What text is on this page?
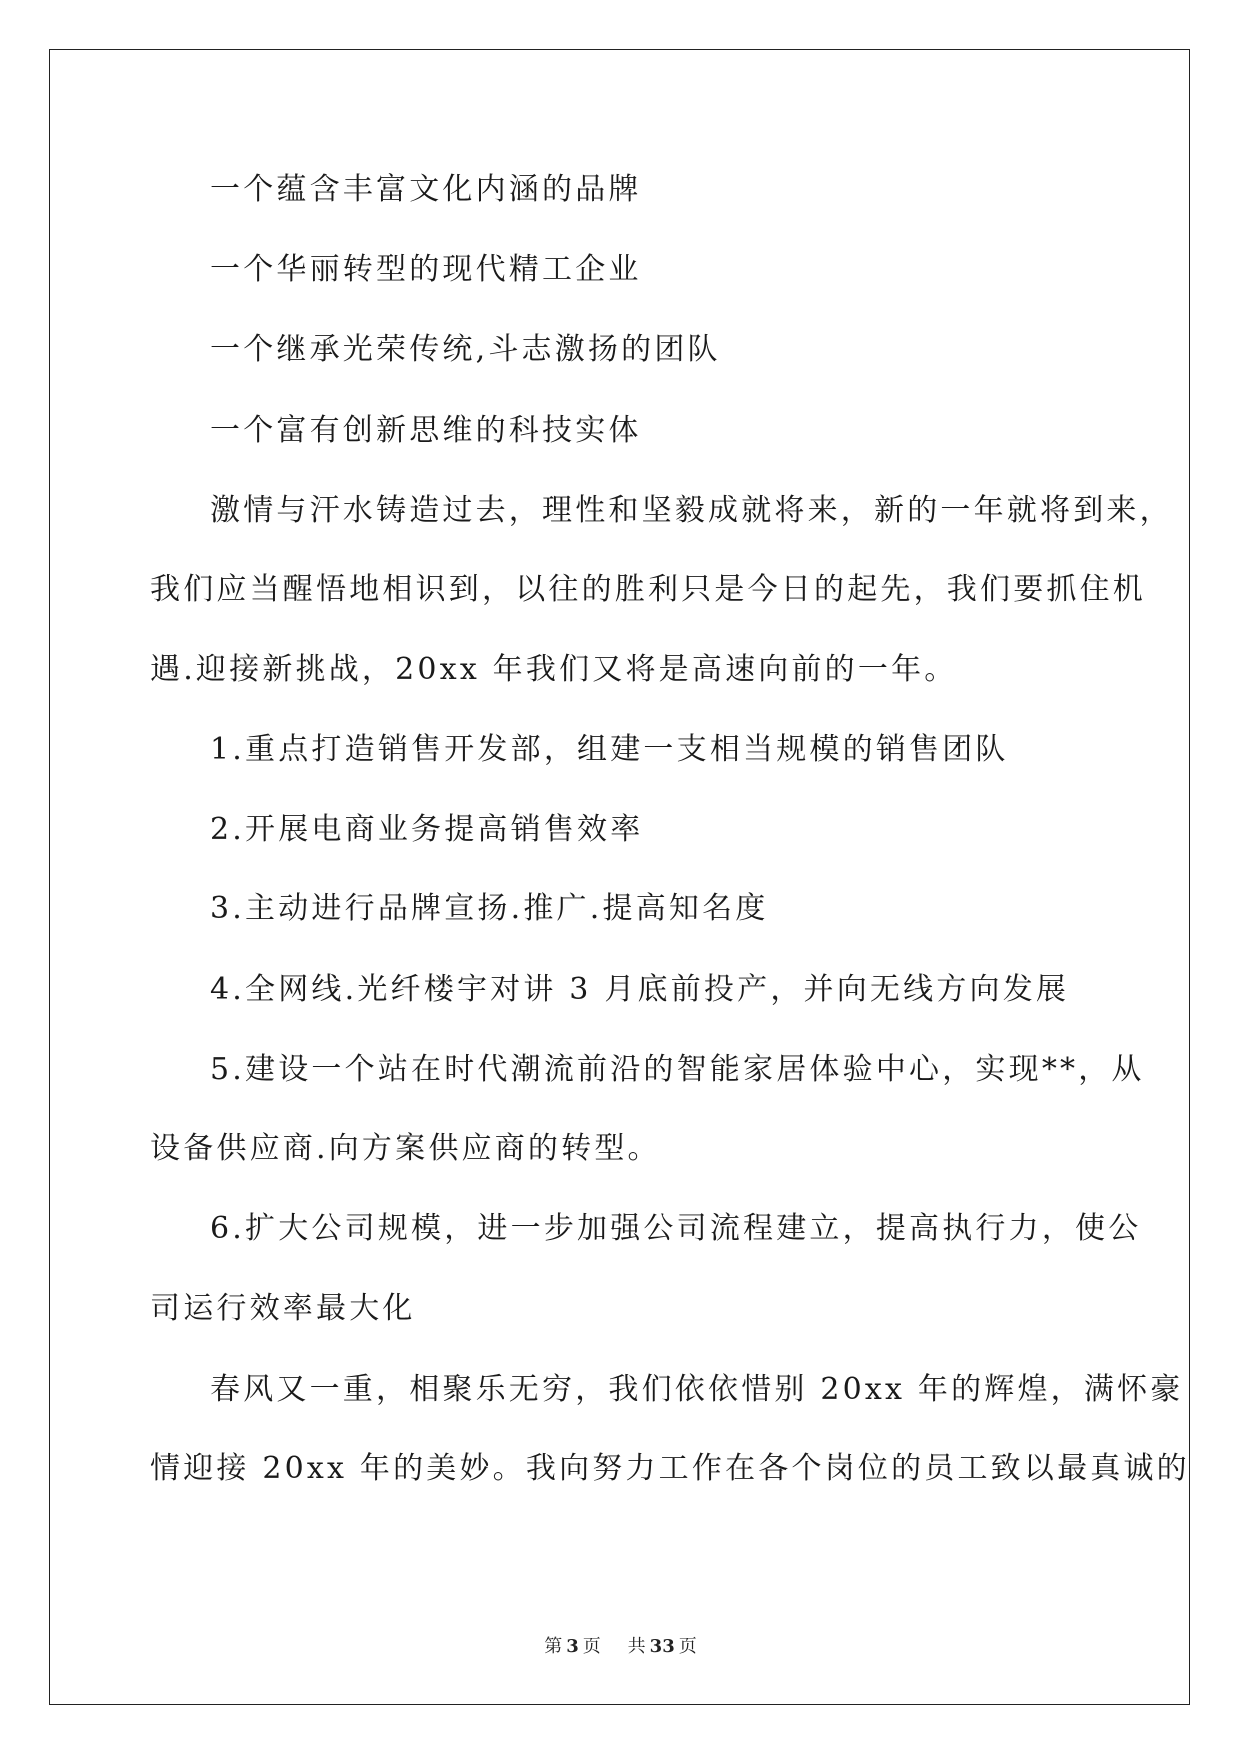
一个蕴含丰富文化内涵的品牌
一个华丽转型的现代精工企业
一个继承光荣传统,斗志激扬的团队
一个富有创新思维的科技实体
激情与汗水铸造过去，理性和坚毅成就将来，新的一年就将到来，
我们应当醒悟地相识到，以往的胜利只是今日的起先，我们要抓住机
遇.迎接新挑战，20xx 年我们又将是高速向前的一年。
1.重点打造销售开发部，组建一支相当规模的销售团队
2.开展电商业务提高销售效率
3.主动进行品牌宣扬.推广.提高知名度
4.全网线.光纤楼宇对讲 3 月底前投产，并向无线方向发展
5.建设一个站在时代潮流前沿的智能家居体验中心，实现**，从
设备供应商.向方案供应商的转型。
6.扩大公司规模，进一步加强公司流程建立，提高执行力，使公
司运行效率最大化
春风又一重，相聚乐无穷，我们依依惜别 20xx 年的辉煌，满怀豪
情迎接 20xx 年的美妙。我向努力工作在各个岗位的员工致以最真诚的
第 3 页 共 33 页
